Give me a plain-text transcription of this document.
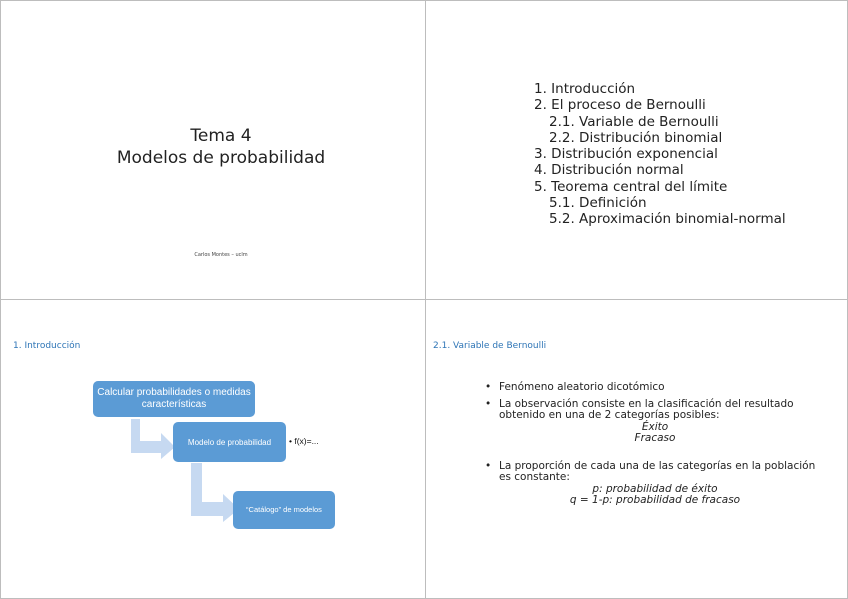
Tema 4
Modelos de probabilidad
Carlos Montes – uclm
1. Introducción
2. El proceso de Bernoulli
2.1. Variable de Bernoulli
2.2. Distribución binomial
3. Distribución exponencial
4. Distribución normal
5. Teorema central del límite
5.1. Definición
5.2. Aproximación binomial-normal
1. Introducción
Calcular probabilidades o medidas características
Modelo de probabilidad	• f(x)=...
“Catálogo” de modelos
2.1. Variable de Bernoulli
• Fenómeno aleatorio dicotómico
• La observación consiste en la clasificación del resultado obtenido en una de 2 categorías posibles:
Éxito
Fracaso
• La proporción de cada una de las categorías en la población es constante:
p: probabilidad de éxito
q = 1-p: probabilidad de fracaso
